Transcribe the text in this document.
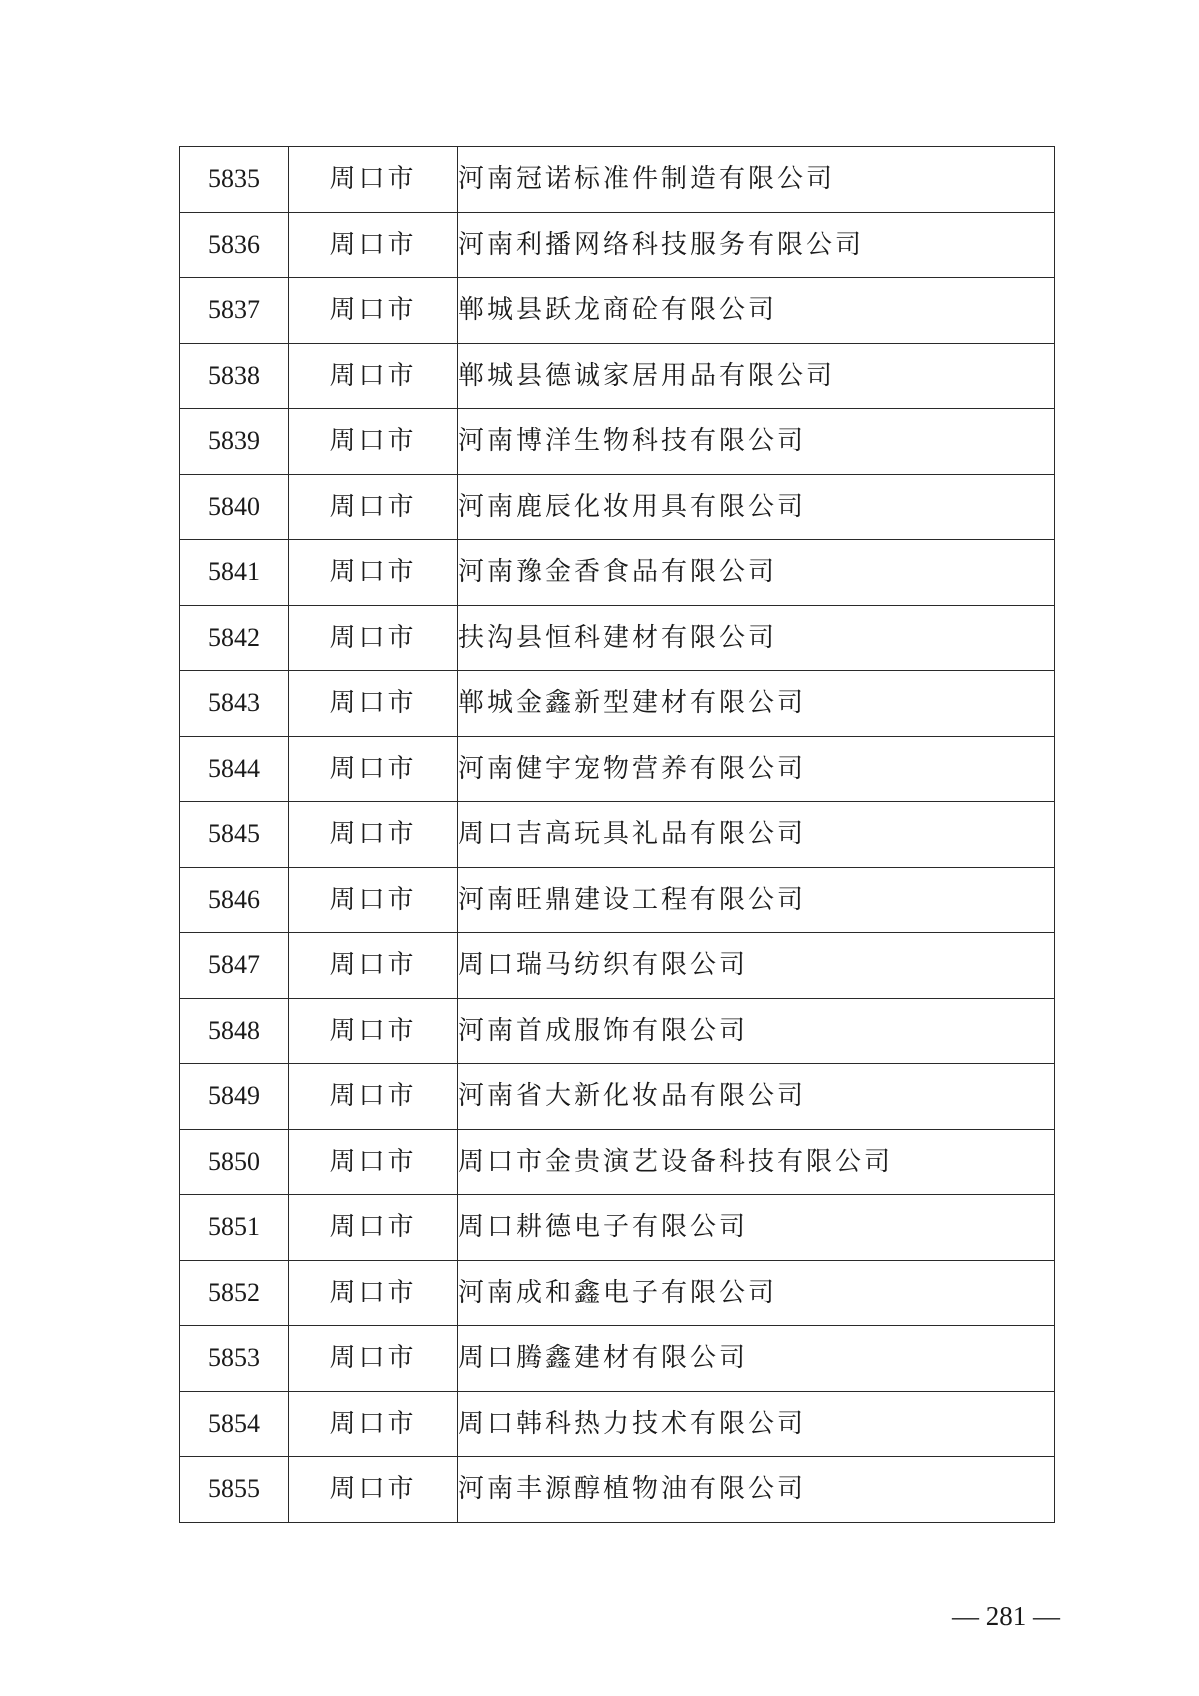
5835	周口市	河南冠诺标准件制造有限公司
5836	周口市	河南利播网络科技服务有限公司
5837	周口市	郸城县跃龙商砼有限公司
5838	周口市	郸城县德诚家居用品有限公司
5839	周口市	河南博洋生物科技有限公司
5840	周口市	河南鹿辰化妆用具有限公司
5841	周口市	河南豫金香食品有限公司
5842	周口市	扶沟县恒科建材有限公司
5843	周口市	郸城金鑫新型建材有限公司
5844	周口市	河南健宇宠物营养有限公司
5845	周口市	周口吉高玩具礼品有限公司
5846	周口市	河南旺鼎建设工程有限公司
5847	周口市	周口瑞马纺织有限公司
5848	周口市	河南首成服饰有限公司
5849	周口市	河南省大新化妆品有限公司
5850	周口市	周口市金贵演艺设备科技有限公司
5851	周口市	周口耕德电子有限公司
5852	周口市	河南成和鑫电子有限公司
5853	周口市	周口腾鑫建材有限公司
5854	周口市	周口韩科热力技术有限公司
5855	周口市	河南丰源醇植物油有限公司
— 281 —
